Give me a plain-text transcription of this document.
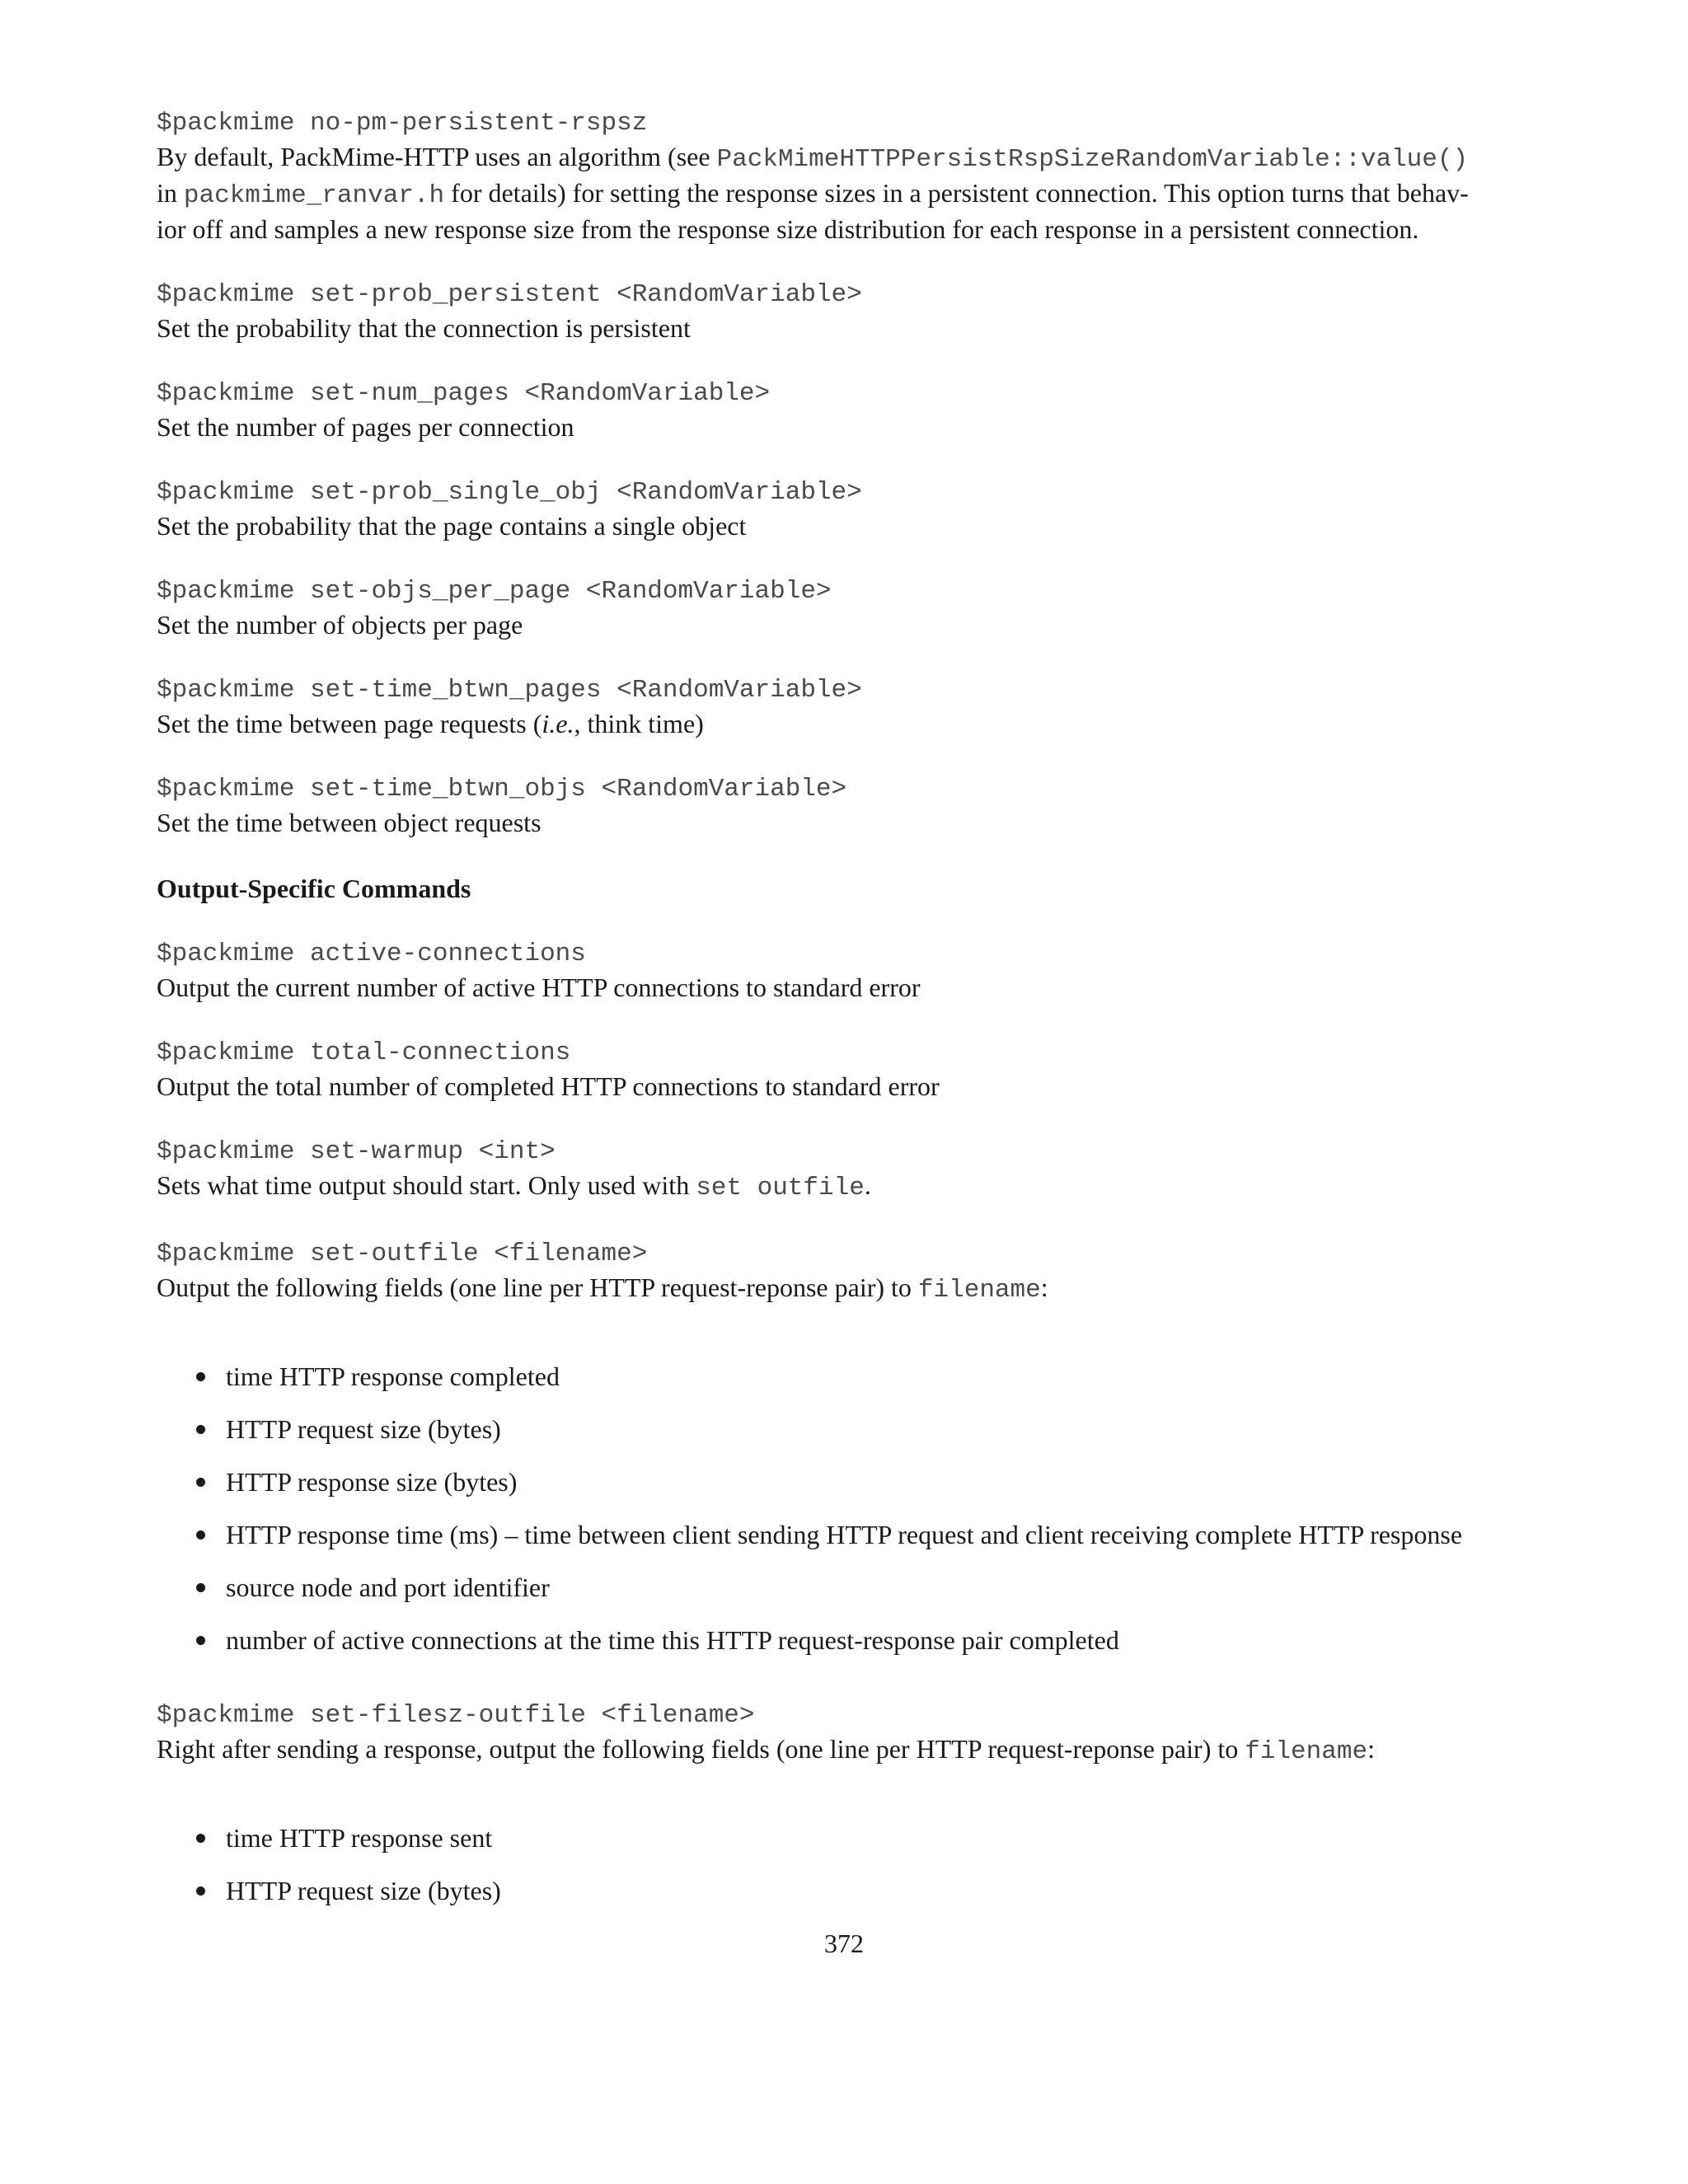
$packmime no-pm-persistent-rspsz

By default, PackMime-HTTP uses an algorithm (see PackMimeHTTPPersistRspSizeRandomVariable::value()
in packmime_ranvar.h for details) for setting the response sizes in a persistent connection. This option turns that behav-
ior off and samples a new response size from the response size distribution for each response in a persistent connection.

$packmime set-prob_persistent <RandomVariable>

Set the probability that the connection is persistent

$packmime set-num_pages <RandomVariable>

Set the number of pages per connection

$packmime set-prob_single_obj <RandomVariable>

Set the probability that the page contains a single object

$packmime set-objs_per_page <RandomVariable>

Set the number of objects per page

$packmime set-time_btwn_pages <RandomVariable>

Set the time between page requests (i.e., think time)

$packmime set-time_btwn_objs <RandomVariable>

Set the time between object requests

Output-Specific Commands
$packmime active-connections

Output the current number of active HTTP connections to standard error

$packmime total-connections

Output the total number of completed HTTP connections to standard error

$packmime set-warmup <int>

Sets what time output should start. Only used with set outfile.

$packmime set-outfile <filename>

Output the following fields (one line per HTTP request-reponse pair) to filename:

time HTTP response completed
HTTP request size (bytes)
HTTP response size (bytes)
HTTP response time (ms) – time between client sending HTTP request and client receiving complete HTTP response
source node and port identifier
number of active connections at the time this HTTP request-response pair completed
$packmime set-filesz-outfile <filename>

Right after sending a response, output the following fields (one line per HTTP request-reponse pair) to filename:

time HTTP response sent
HTTP request size (bytes)
372
